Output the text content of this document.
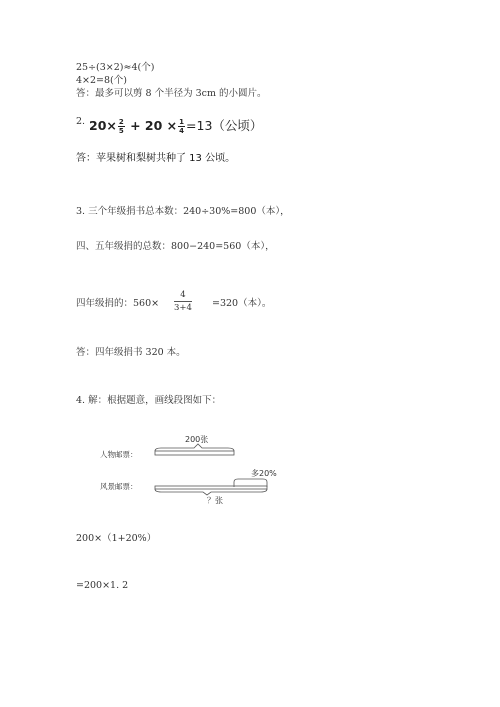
25÷(3×2)≈4(个)
4×2=8(个)
答：最多可以剪 8 个半径为 3cm 的小圆片。
2. $20\times \frac{2}{5} + 20 \times \frac{1}{4} =13$（公顷）
答：苹果树和梨树共种了 13 公顷。
3. 三个年级捐书总本数：240÷30%=800（本），
四、五年级捐的总数：800−240=560（本），
四年级捐的：$560\times \frac{4}{3+4} =320$（本）。
答：四年级捐书 320 本。
4. 解：根据题意，画线段图如下：
200张
人物邮票：
多20%
风景邮票：
？张
200×（1+20%）
=200×1. 2
